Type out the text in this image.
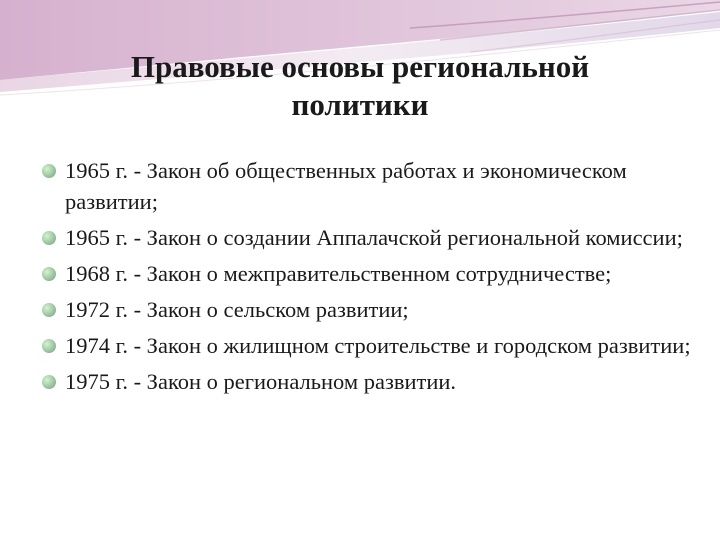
Правовые основы региональной политики
1965 г. - Закон об общественных работах и экономическом развитии;
1965 г. - Закон о создании Аппалачской региональной комиссии;
1968 г. - Закон о межправительственном сотрудничестве;
1972 г. - Закон о сельском развитии;
1974 г. - Закон о жилищном строительстве и городском развитии;
1975 г. - Закон о региональном развитии.
